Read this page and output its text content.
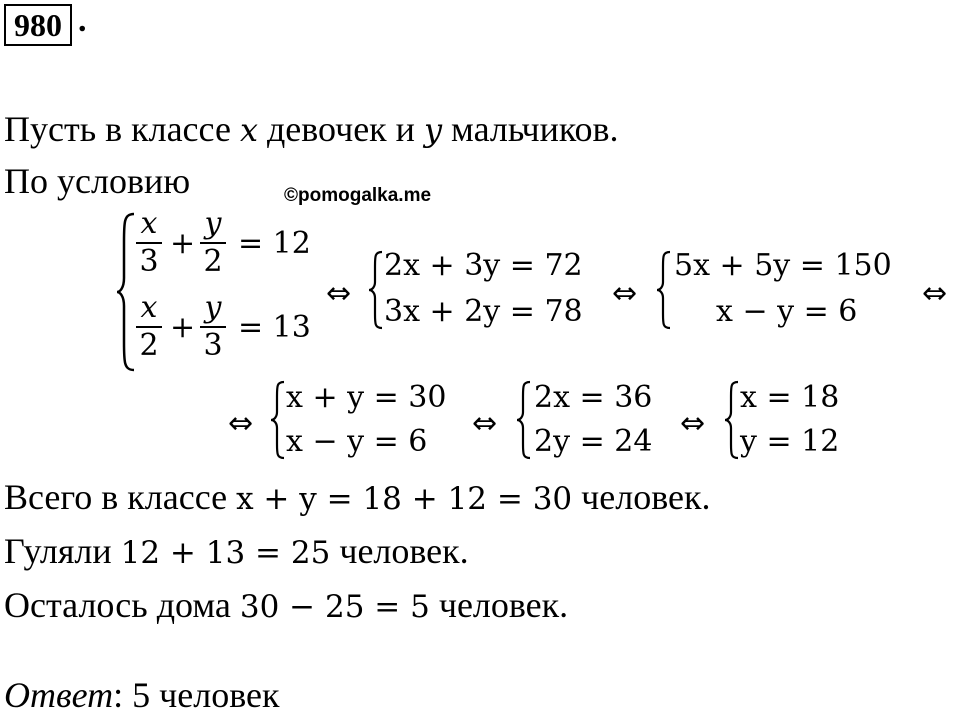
980 .
Пусть в классе x девочек и y мальчиков.
По условию	©pomogalka.me
$\frac{x}{3} + \frac{y}{2} = 12$
$\frac{x}{2} + \frac{y}{3} = 13$
⇔
2x + 3y = 72
3x + 2y = 78
⇔
5x + 5y = 150
x − y = 6
⇔
⇔
x + y = 30
x − y = 6
⇔
2x = 36
2y = 24
⇔
x = 18
y = 12
Всего в классе x + y = 18 + 12 = 30 человек.
Гуляли 12 + 13 = 25 человек.
Осталось дома 30 − 25 = 5 человек.
Ответ: 5 человек
